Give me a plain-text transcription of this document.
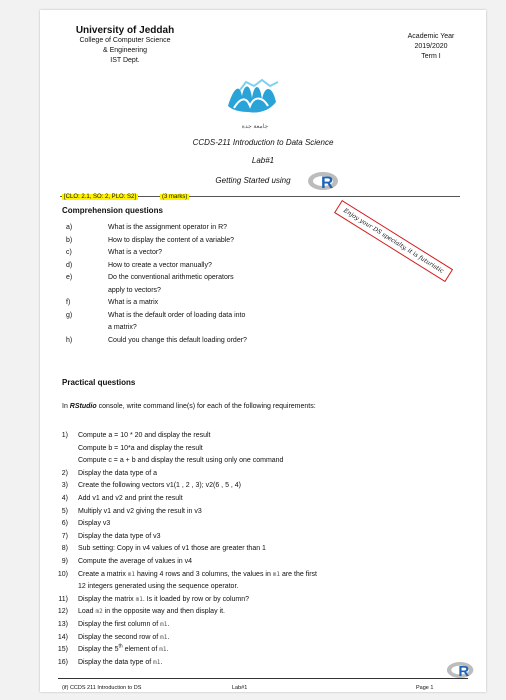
University of Jeddah
College of Computer Science
& Engineering
IST Dept.
Academic Year
2019/2020
Term I
جامعة جدة
CCDS-211 Introduction to Data Science
Lab#1
Getting Started using	R
[CLO: 2.1, SO: 2, PLO: S2]	(3 marks)
Comprehension questions
a)	What is the assignment operator in R?
b)	How to display the content of a variable?
c)	What is a vector?
d)	How to create a vector manually?
e)	Do the conventional arithmetic operators
apply to vectors?
f)	What is a matrix
g)	What is the default order of loading data into
a matrix?
h)	Could you change this default loading order?
Enjoy your DS specialty, it is futuristic
Practical questions
In RStudio console, write command line(s) for each of the following requirements:
1) Compute a = 10 * 20 and display the result
Compute b = 10*a and display the result
Compute c = a + b and display the result using only one command
2) Display the data type of a
3) Create the following vectors v1(1 , 2 , 3); v2(6 , 5 , 4)
4) Add v1 and v2 and print the result
5) Multiply v1 and v2 giving the result in v3
6) Display v3
7) Display the data type of v3
8) Sub setting: Copy in v4 values of v1 those are greater than 1
9) Compute the average of values in v4
10) Create a matrix m1 having 4 rows and 3 columns, the values in m1 are the first
12 integers generated using the sequence operator.
11) Display the matrix m1. Is it loaded by row or by column?
12) Load m2 in the opposite way and then display it.
13) Display the first column of m1.
14) Display the second row of m1.
15) Display the 5th element of m1.
16) Display the data type of m1.
R
(if) CCDS 211 Introduction to DS	Lab#1	Page 1
